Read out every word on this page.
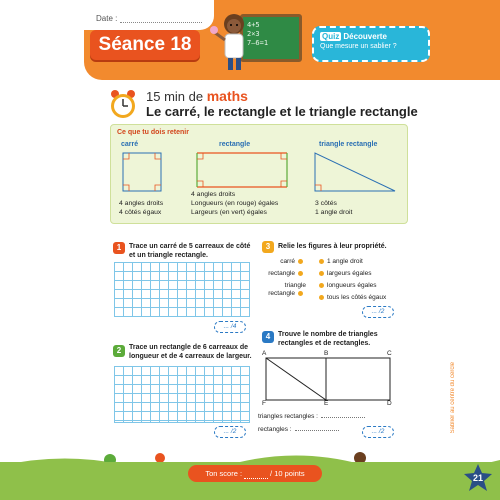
Date :
Séance 18
4+5
2×3
7–6=1
Quiz Découverte
Que mesure un sablier ?
15 min de maths
Le carré, le rectangle et le triangle rectangle
Ce que tu dois retenir
carré	rectangle	triangle rectangle
4 angles droits
4 côtés égaux
4 angles droits
Longueurs (en rouge) égales
Largeurs (en vert) égales
3 côtés
1 angle droit
1	Trace un carré de 5 carreaux de côté
et un triangle rectangle.
... /4
2	Trace un rectangle de 6 carreaux de
longueur et de 4 carreaux de largeur.
... /2
3	Relie les figures à leur propriété.
carré
rectangle
triangle
rectangle
1 angle droit
largeurs égales
longueurs égales
tous les côtés égaux
... /2
4	Trouve le nombre de triangles
rectangles et de rectangles.
A	B	C
F	E	D
triangles rectangles :
rectangles :	... /2	Sablier au centre du cercle
Ton score :	/ 10 points	21
